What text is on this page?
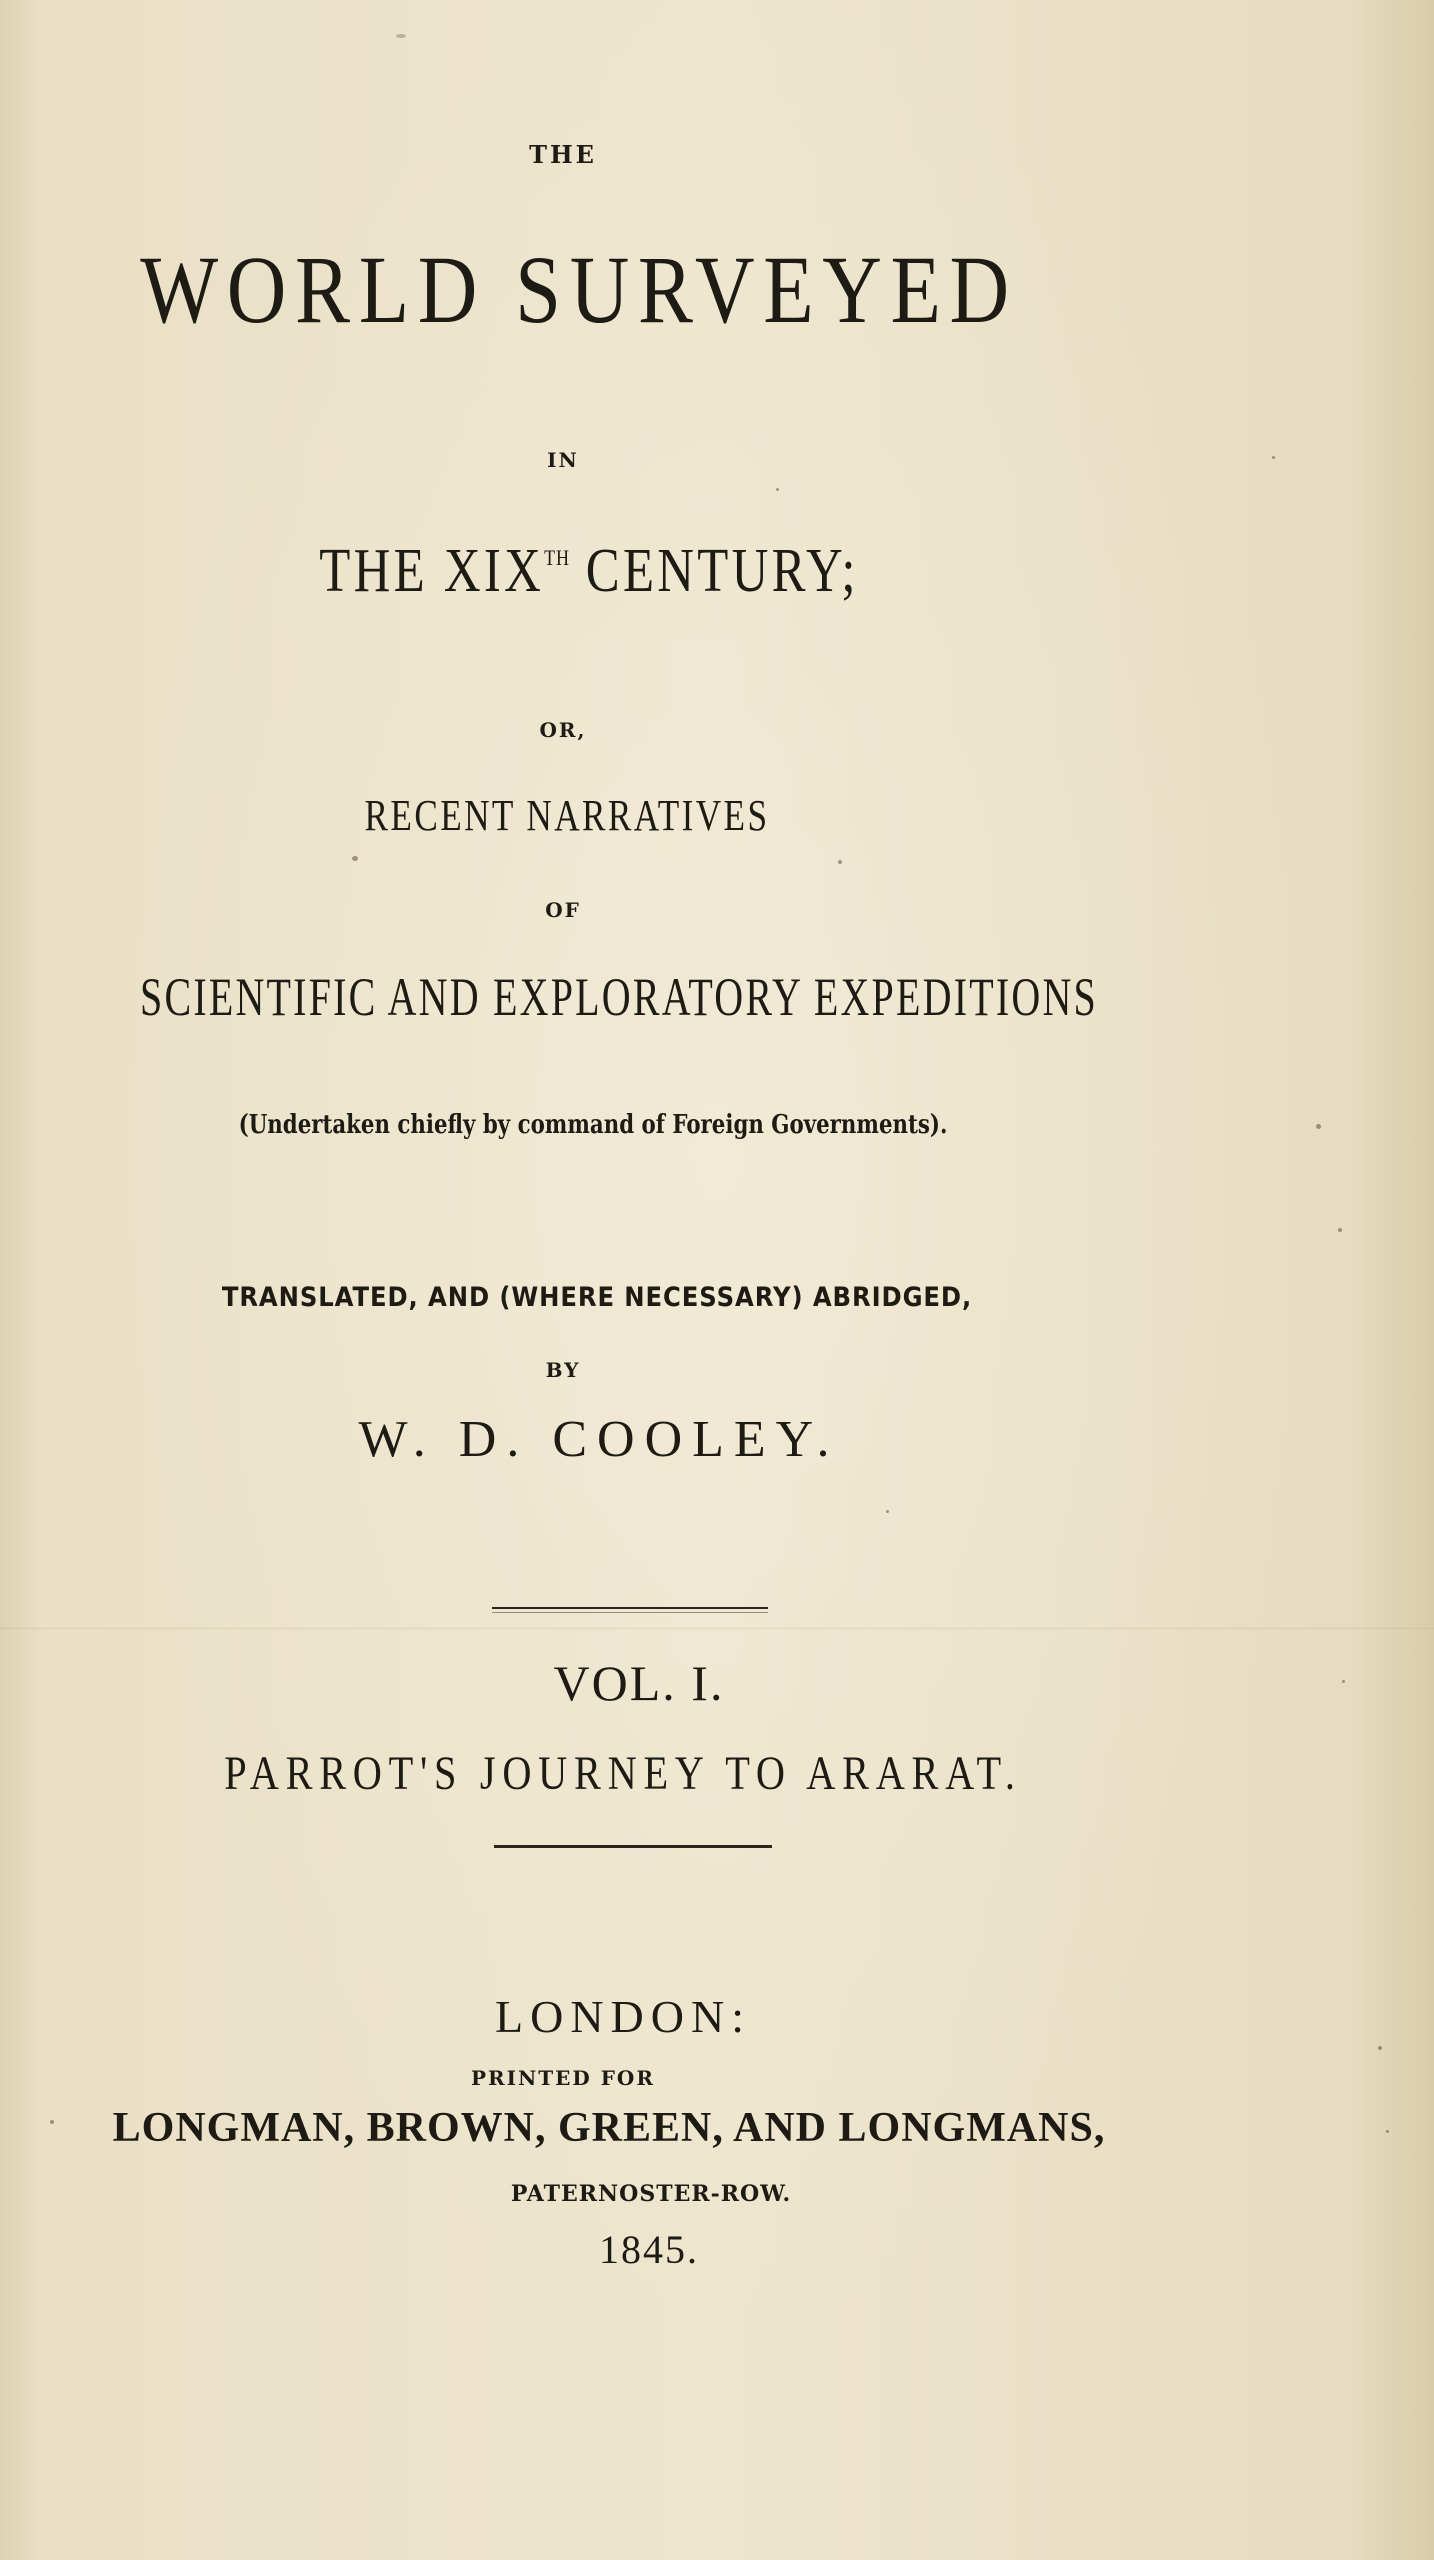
THE
WORLD SURVEYED
IN
THE XIXTH CENTURY;
OR,
RECENT NARRATIVES
OF
SCIENTIFIC AND EXPLORATORY EXPEDITIONS
(Undertaken chiefly by command of Foreign Governments).
TRANSLATED, AND (WHERE NECESSARY) ABRIDGED,
BY
W. D. COOLEY.
VOL. I.
PARROT'S JOURNEY TO ARARAT.
LONDON:
PRINTED FOR
LONGMAN, BROWN, GREEN, AND LONGMANS,
PATERNOSTER-ROW.
1845.
